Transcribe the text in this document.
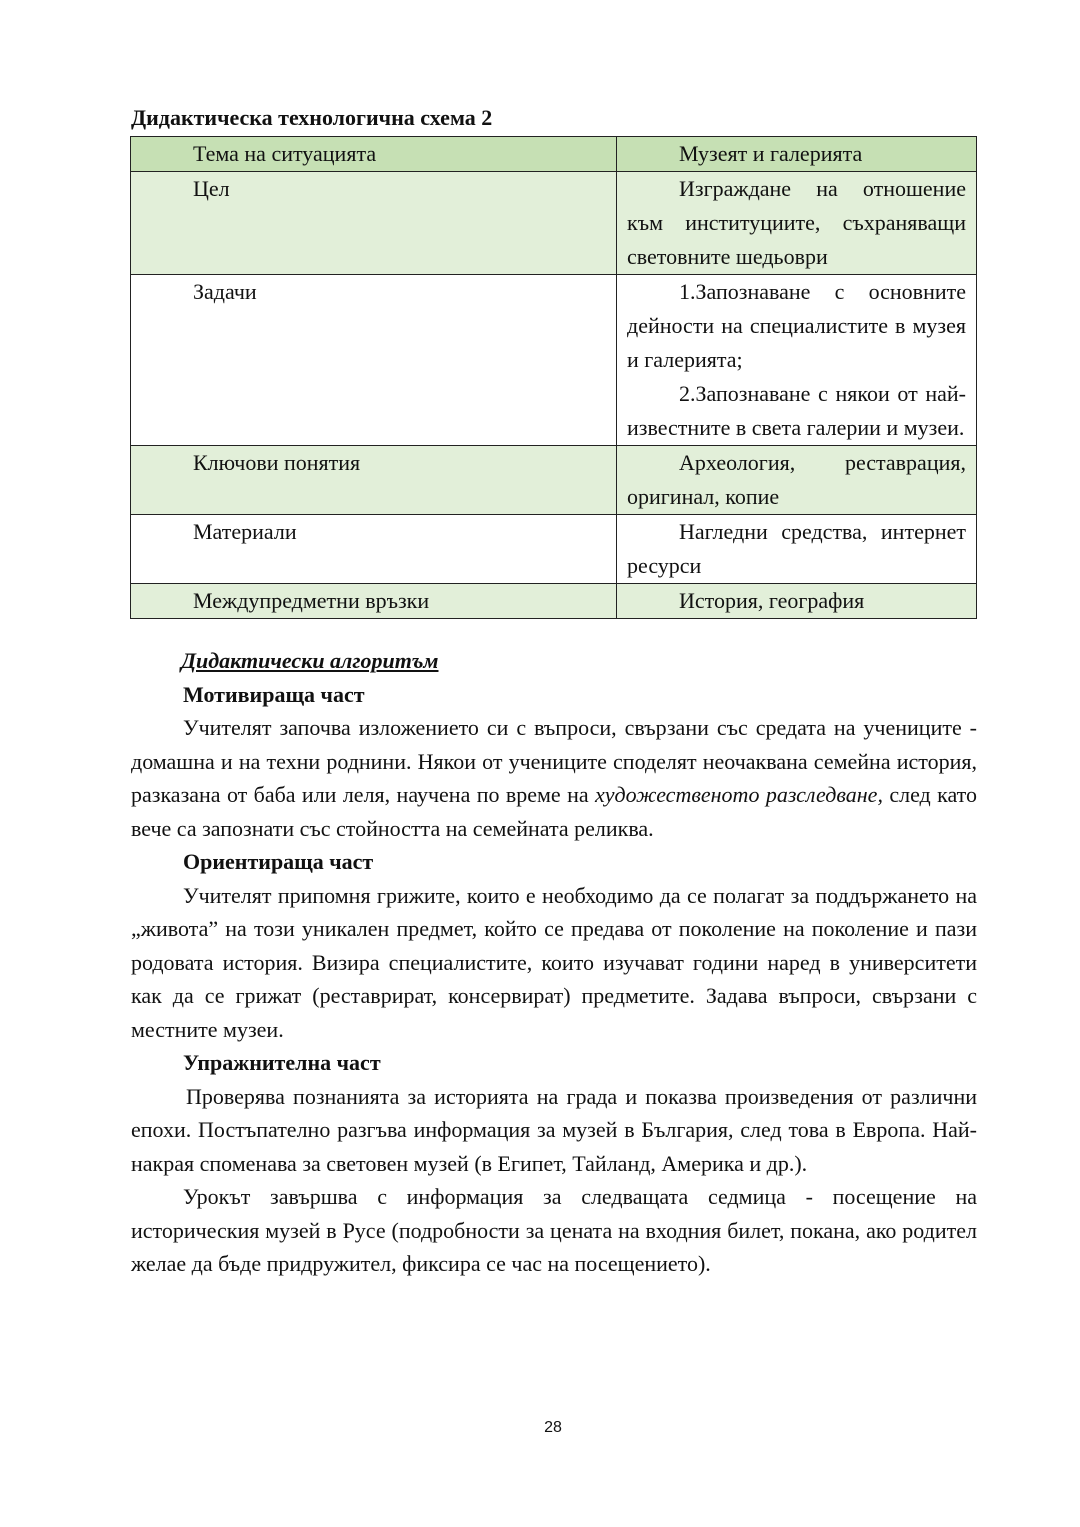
Дидактическа технологична схема 2
Тема на ситуацията	Музеят и галерията

Цел	Изграждане на отношение към институциите, съхраняващи световните шедьоври

Задачи	1.Запознаване с основните дейности на специалистите в музея и галерията;
2.Запознаване с някои от най-известните в света галерии и музеи.

Ключови понятия	Археология, реставрация, оригинал, копие

Материали	Нагледни средства, интернет ресурси

Междупредметни връзки	История, география

Дидактически алгоритъм

Мотивираща част

Учителят започва изложението си с въпроси, свързани със средата на учениците - домашна и на техни роднини. Някои от учениците споделят неочаквана семейна история, разказана от баба или леля, научена по време на художественото разследване, след като вече са запознати със стойността на семейната реликва.

Ориентираща част

Учителят припомня грижите, които е необходимо да се полагат за поддържането на „живота” на този уникален предмет, който се предава от поколение на поколение и пази родовата история. Визира специалистите, които изучават години наред в университети как да се грижат (реставрират, консервират) предметите. Задава въпроси, свързани с местните музеи.

Упражнителна част

Проверява познанията за историята на града и показва произведения от различни епохи. Постъпателно разгъва информация за музей в България, след това в Европа. Най-накрая споменава за световен музей (в Египет, Тайланд, Америка и др.).

Урокът завършва с информация за следващата седмица - посещение на историческия музей в Русе (подробности за цената на входния билет, покана, ако родител желае да бъде придружител, фиксира се час на посещението).

28
